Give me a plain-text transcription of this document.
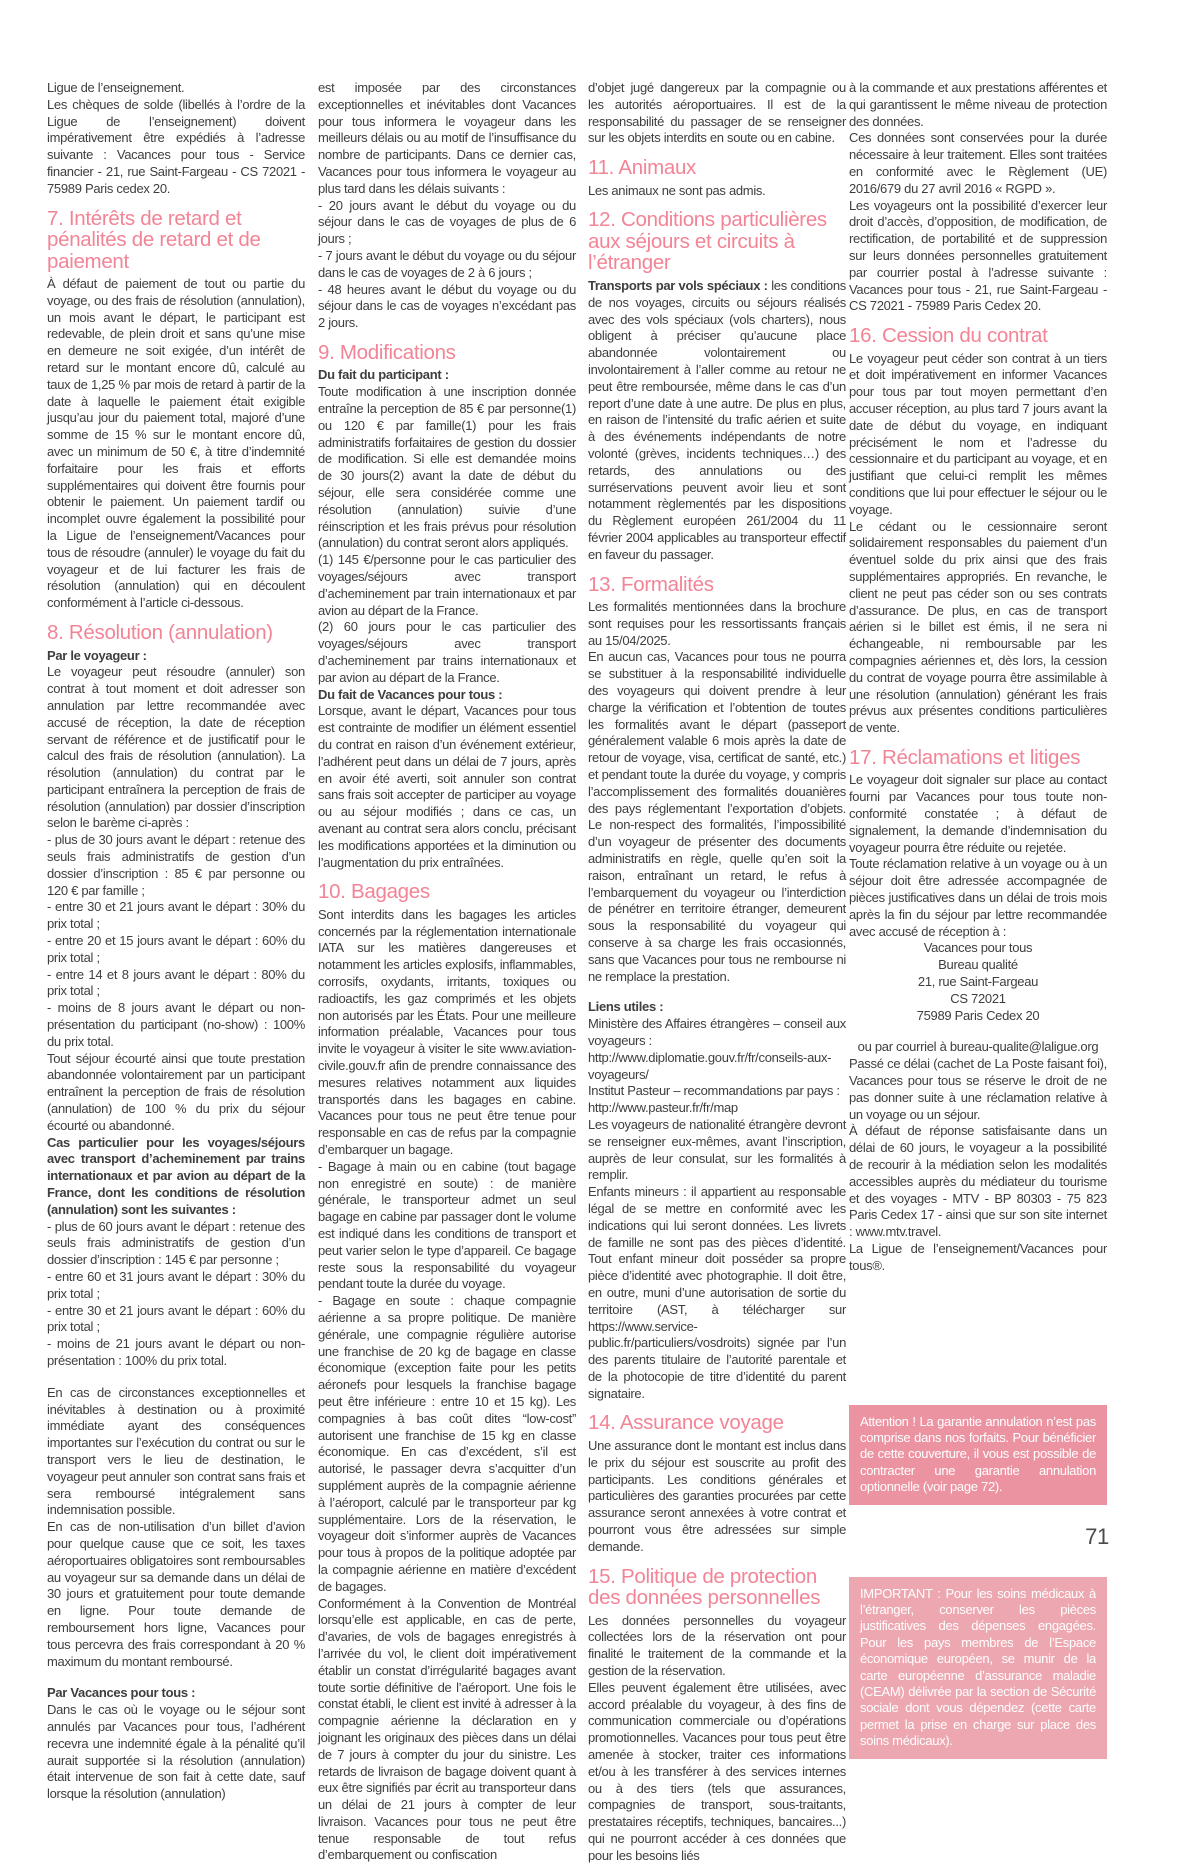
Ligue de l’enseignement.
Les chèques de solde (libellés à l’ordre de la Ligue de l’enseignement) doivent impérativement être expédiés à l’adresse suivante : Vacances pour tous - Service financier - 21, rue Saint-Fargeau - CS 72021 - 75989 Paris cedex 20.
7. Intérêts de retard et pénalités de retard et de paiement
À défaut de paiement de tout ou partie du voyage, ou des frais de résolution (annulation), un mois avant le départ, le participant est redevable, de plein droit et sans qu’une mise en demeure ne soit exigée, d’un intérêt de retard sur le montant encore dû, calculé au taux de 1,25 % par mois de retard à partir de la date à laquelle le paiement était exigible jusqu’au jour du paiement total, majoré d’une somme de 15 % sur le montant encore dû, avec un minimum de 50 €, à titre d’indemnité forfaitaire pour les frais et efforts supplémentaires qui doivent être fournis pour obtenir le paiement. Un paiement tardif ou incomplet ouvre également la possibilité pour la Ligue de l’enseignement/Vacances pour tous de résoudre (annuler) le voyage du fait du voyageur et de lui facturer les frais de résolution (annulation) qui en découlent conformément à l’article ci-dessous.
8. Résolution (annulation)
Par le voyageur :
Le voyageur peut résoudre (annuler) son contrat à tout moment et doit adresser son annulation par lettre recommandée avec accusé de réception, la date de réception servant de référence et de justificatif pour le calcul des frais de résolution (annulation). La résolution (annulation) du contrat par le participant entraînera la perception de frais de résolution (annulation) par dossier d’inscription selon le barème ci-après :
- plus de 30 jours avant le départ : retenue des seuls frais administratifs de gestion d’un dossier d’inscription : 85 € par personne ou 120 € par famille ;
- entre 30 et 21 jours avant le départ : 30% du prix total ;
- entre 20 et 15 jours avant le départ : 60% du prix total ;
- entre 14 et 8 jours avant le départ : 80% du prix total ;
- moins de 8 jours avant le départ ou non-présentation du participant (no-show) : 100% du prix total.
Tout séjour écourté ainsi que toute prestation abandonnée volontairement par un participant entraînent la perception de frais de résolution (annulation) de 100 % du prix du séjour écourté ou abandonné.
Cas particulier pour les voyages/séjours avec transport d’acheminement par trains internationaux et par avion au départ de la France, dont les conditions de résolution (annulation) sont les suivantes :
- plus de 60 jours avant le départ : retenue des seuls frais administratifs de gestion d’un dossier d’inscription : 145 € par personne ;
- entre 60 et 31 jours avant le départ : 30% du prix total ;
- entre 30 et 21 jours avant le départ : 60% du prix total ;
- moins de 21 jours avant le départ ou non-présentation : 100% du prix total.
En cas de circonstances exceptionnelles et inévitables à destination ou à proximité immédiate ayant des conséquences importantes sur l’exécution du contrat ou sur le transport vers le lieu de destination, le voyageur peut annuler son contrat sans frais et sera remboursé intégralement sans indemnisation possible.
En cas de non-utilisation d’un billet d’avion pour quelque cause que ce soit, les taxes aéroportuaires obligatoires sont remboursables au voyageur sur sa demande dans un délai de 30 jours et gratuitement pour toute demande en ligne. Pour toute demande de remboursement hors ligne, Vacances pour tous percevra des frais correspondant à 20 % maximum du montant remboursé.
Par Vacances pour tous :
Dans le cas où le voyage ou le séjour sont annulés par Vacances pour tous, l’adhérent recevra une indemnité égale à la pénalité qu’il aurait supportée si la résolution (annulation) était intervenue de son fait à cette date, sauf lorsque la résolution (annulation)
est imposée par des circonstances exceptionnelles et inévitables dont Vacances pour tous informera le voyageur dans les meilleurs délais ou au motif de l’insuffisance du nombre de participants. Dans ce dernier cas, Vacances pour tous informera le voyageur au plus tard dans les délais suivants :
- 20 jours avant le début du voyage ou du séjour dans le cas de voyages de plus de 6 jours ;
- 7 jours avant le début du voyage ou du séjour dans le cas de voyages de 2 à 6 jours ;
- 48 heures avant le début du voyage ou du séjour dans le cas de voyages n’excédant pas 2 jours.
9. Modifications
Du fait du participant :
Toute modification à une inscription donnée entraîne la perception de 85 € par personne(1) ou 120 € par famille(1) pour les frais administratifs forfaitaires de gestion du dossier de modification. Si elle est demandée moins de 30 jours(2) avant la date de début du séjour, elle sera considérée comme une résolution (annulation) suivie d’une réinscription et les frais prévus pour résolution (annulation) du contrat seront alors appliqués.
(1) 145 €/personne pour le cas particulier des voyages/séjours avec transport d’acheminement par train internationaux et par avion au départ de la France.
(2) 60 jours pour le cas particulier des voyages/séjours avec transport d’acheminement par trains internationaux et par avion au départ de la France.
Du fait de Vacances pour tous :
Lorsque, avant le départ, Vacances pour tous est contrainte de modifier un élément essentiel du contrat en raison d’un événement extérieur, l’adhérent peut dans un délai de 7 jours, après en avoir été averti, soit annuler son contrat sans frais soit accepter de participer au voyage ou au séjour modifiés ; dans ce cas, un avenant au contrat sera alors conclu, précisant les modifications apportées et la diminution ou l’augmentation du prix entraînées.
10. Bagages
Sont interdits dans les bagages les articles concernés par la réglementation internationale IATA sur les matières dangereuses et notamment les articles explosifs, inflammables, corrosifs, oxydants, irritants, toxiques ou radioactifs, les gaz comprimés et les objets non autorisés par les États. Pour une meilleure information préalable, Vacances pour tous invite le voyageur à visiter le site www.aviation-civile.gouv.fr afin de prendre connaissance des mesures relatives notamment aux liquides transportés dans les bagages en cabine. Vacances pour tous ne peut être tenue pour responsable en cas de refus par la compagnie d’embarquer un bagage.
- Bagage à main ou en cabine (tout bagage non enregistré en soute) : de manière générale, le transporteur admet un seul bagage en cabine par passager dont le volume est indiqué dans les conditions de transport et peut varier selon le type d’appareil. Ce bagage reste sous la responsabilité du voyageur pendant toute la durée du voyage.
- Bagage en soute : chaque compagnie aérienne a sa propre politique. De manière générale, une compagnie régulière autorise une franchise de 20 kg de bagage en classe économique (exception faite pour les petits aéronefs pour lesquels la franchise bagage peut être inférieure : entre 10 et 15 kg). Les compagnies à bas coût dites “low-cost” autorisent une franchise de 15 kg en classe économique. En cas d’excédent, s’il est autorisé, le passager devra s’acquitter d’un supplément auprès de la compagnie aérienne à l’aéroport, calculé par le transporteur par kg supplémentaire. Lors de la réservation, le voyageur doit s’informer auprès de Vacances pour tous à propos de la politique adoptée par la compagnie aérienne en matière d’excédent de bagages.
Conformément à la Convention de Montréal lorsqu’elle est applicable, en cas de perte, d’avaries, de vols de bagages enregistrés à l’arrivée du vol, le client doit impérativement établir un constat d’irrégularité bagages avant toute sortie définitive de l’aéroport. Une fois le constat établi, le client est invité à adresser à la compagnie aérienne la déclaration en y joignant les originaux des pièces dans un délai de 7 jours à compter du jour du sinistre. Les retards de livraison de bagage doivent quant à eux être signifiés par écrit au transporteur dans un délai de 21 jours à compter de leur livraison. Vacances pour tous ne peut être tenue responsable de tout refus d’embarquement ou confiscation
d’objet jugé dangereux par la compagnie ou les autorités aéroportuaires. Il est de la responsabilité du passager de se renseigner sur les objets interdits en soute ou en cabine.
11. Animaux
Les animaux ne sont pas admis.
12. Conditions particulières aux séjours et circuits à l’étranger
Transports par vols spéciaux : les conditions de nos voyages, circuits ou séjours réalisés avec des vols spéciaux (vols charters), nous obligent à préciser qu’aucune place abandonnée volontairement ou involontairement à l’aller comme au retour ne peut être remboursée, même dans le cas d’un report d’une date à une autre. De plus en plus, en raison de l’intensité du trafic aérien et suite à des événements indépendants de notre volonté (grèves, incidents techniques…) des retards, des annulations ou des surréservations peuvent avoir lieu et sont notamment règlementés par les dispositions du Règlement européen 261/2004 du 11 février 2004 applicables au transporteur effectif en faveur du passager.
13. Formalités
Les formalités mentionnées dans la brochure sont requises pour les ressortissants français au 15/04/2025.
En aucun cas, Vacances pour tous ne pourra se substituer à la responsabilité individuelle des voyageurs qui doivent prendre à leur charge la vérification et l’obtention de toutes les formalités avant le départ (passeport généralement valable 6 mois après la date de retour de voyage, visa, certificat de santé, etc.) et pendant toute la durée du voyage, y compris l’accomplissement des formalités douanières des pays réglementant l’exportation d’objets. Le non-respect des formalités, l’impossibilité d’un voyageur de présenter des documents administratifs en règle, quelle qu’en soit la raison, entraînant un retard, le refus à l’embarquement du voyageur ou l’interdiction de pénétrer en territoire étranger, demeurent sous la responsabilité du voyageur qui conserve à sa charge les frais occasionnés, sans que Vacances pour tous ne rembourse ni ne remplace la prestation.
Liens utiles :
Ministère des Affaires étrangères – conseil aux voyageurs :
http://www.diplomatie.gouv.fr/fr/conseils-aux-voyageurs/
Institut Pasteur – recommandations par pays :
http://www.pasteur.fr/fr/map
Les voyageurs de nationalité étrangère devront se renseigner eux-mêmes, avant l’inscription, auprès de leur consulat, sur les formalités à remplir.
Enfants mineurs : il appartient au responsable légal de se mettre en conformité avec les indications qui lui seront données. Les livrets de famille ne sont pas des pièces d’identité. Tout enfant mineur doit posséder sa propre pièce d’identité avec photographie. Il doit être, en outre, muni d’une autorisation de sortie du territoire (AST, à télécharger sur https://www.service-public.fr/particuliers/vosdroits) signée par l’un des parents titulaire de l’autorité parentale et de la photocopie de titre d’identité du parent signataire.
14. Assurance voyage
Une assurance dont le montant est inclus dans le prix du séjour est souscrite au profit des participants. Les conditions générales et particulières des garanties procurées par cette assurance seront annexées à votre contrat et pourront vous être adressées sur simple demande.
15. Politique de protection des données personnelles
Les données personnelles du voyageur collectées lors de la réservation ont pour finalité le traitement de la commande et la gestion de la réservation.
Elles peuvent également être utilisées, avec accord préalable du voyageur, à des fins de communication commerciale ou d’opérations promotionnelles. Vacances pour tous peut être amenée à stocker, traiter ces informations et/ou à les transférer à des services internes ou à des tiers (tels que assurances, compagnies de transport, sous-traitants, prestataires réceptifs, techniques, bancaires...) qui ne pourront accéder à ces données que pour les besoins liés
à la commande et aux prestations afférentes et qui garantissent le même niveau de protection des données.
Ces données sont conservées pour la durée nécessaire à leur traitement. Elles sont traitées en conformité avec le Règlement (UE) 2016/679 du 27 avril 2016 « RGPD ».
Les voyageurs ont la possibilité d’exercer leur droit d’accès, d’opposition, de modification, de rectification, de portabilité et de suppression sur leurs données personnelles gratuitement par courrier postal à l’adresse suivante : Vacances pour tous - 21, rue Saint-Fargeau - CS 72021 - 75989 Paris Cedex 20.
16. Cession du contrat
Le voyageur peut céder son contrat à un tiers et doit impérativement en informer Vacances pour tous par tout moyen permettant d’en accuser réception, au plus tard 7 jours avant la date de début du voyage, en indiquant précisément le nom et l’adresse du cessionnaire et du participant au voyage, et en justifiant que celui-ci remplit les mêmes conditions que lui pour effectuer le séjour ou le voyage.
Le cédant ou le cessionnaire seront solidairement responsables du paiement d’un éventuel solde du prix ainsi que des frais supplémentaires appropriés. En revanche, le client ne peut pas céder son ou ses contrats d’assurance. De plus, en cas de transport aérien si le billet est émis, il ne sera ni échangeable, ni remboursable par les compagnies aériennes et, dès lors, la cession du contrat de voyage pourra être assimilable à une résolution (annulation) générant les frais prévus aux présentes conditions particulières de vente.
17. Réclamations et litiges
Le voyageur doit signaler sur place au contact fourni par Vacances pour tous toute non-conformité constatée ; à défaut de signalement, la demande d’indemnisation du voyageur pourra être réduite ou rejetée.
Toute réclamation relative à un voyage ou à un séjour doit être adressée accompagnée de pièces justificatives dans un délai de trois mois après la fin du séjour par lettre recommandée avec accusé de réception à :
Vacances pour tous
Bureau qualité
21, rue Saint-Fargeau
CS 72021
75989 Paris Cedex 20
ou par courriel à bureau-qualite@laligue.org
Passé ce délai (cachet de La Poste faisant foi), Vacances pour tous se réserve le droit de ne pas donner suite à une réclamation relative à un voyage ou un séjour.
À défaut de réponse satisfaisante dans un délai de 60 jours, le voyageur a la possibilité de recourir à la médiation selon les modalités accessibles auprès du médiateur du tourisme et des voyages - MTV - BP 80303 - 75 823 Paris Cedex 17 - ainsi que sur son site internet : www.mtv.travel.
La Ligue de l’enseignement/Vacances pour tous®.
Attention ! La garantie annulation n’est pas comprise dans nos forfaits. Pour bénéficier de cette couverture, il vous est possible de contracter une garantie annulation optionnelle (voir page 72).
IMPORTANT : Pour les soins médicaux à l’étranger, conserver les pièces justificatives des dépenses engagées. Pour les pays membres de l’Espace économique européen, se munir de la carte européenne d’assurance maladie (CEAM) délivrée par la section de Sécurité sociale dont vous dépendez (cette carte permet la prise en charge sur place des soins médicaux).
71
